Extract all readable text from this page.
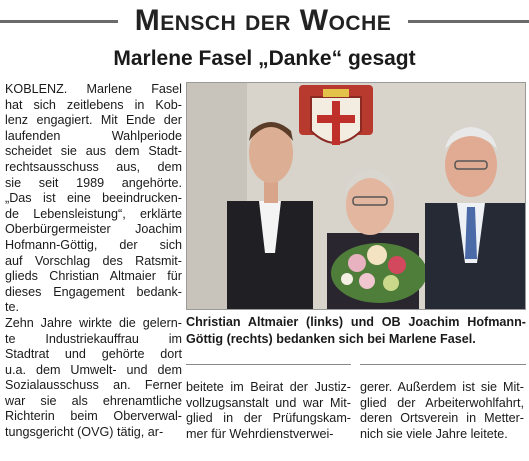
Mensch der Woche
Marlene Fasel „Danke“ gesagt
KOBLENZ. Marlene Fasel
hat sich zeitlebens in Kob-
lenz engagiert. Mit Ende der
laufenden Wahlperiode
scheidet sie aus dem Stadt-
rechtsausschuss aus, dem
sie seit 1989 angehörte.
„Das ist eine beeindrucken-
de Lebensleistung“, erklärte
Oberbürgermeister Joachim
Hofmann-Göttig, der sich
auf Vorschlag des Ratsmit-
glieds Christian Altmaier für
dieses Engagement bedank-
te.
Zehn Jahre wirkte die gelern-
te Industriekauffrau im
Stadtrat und gehörte dort
u.a. dem Umwelt- und dem
Sozialausschuss an. Ferner
war sie als ehrenamtliche
Richterin beim Oberverwal-
tungsgericht (OVG) tätig, ar-
Christian Altmaier (links) und OB Joachim Hofmann-
Göttig (rechts) bedanken sich bei Marlene Fasel.
beitete im Beirat der Justiz-
vollzugsanstalt und war Mit-
glied in der Prüfungskam-
mer für Wehrdienstverwei-
gerer. Außerdem ist sie Mit-
glied der Arbeiterwohlfahrt,
deren Ortsverein in Metter-
nich sie viele Jahre leitete.
